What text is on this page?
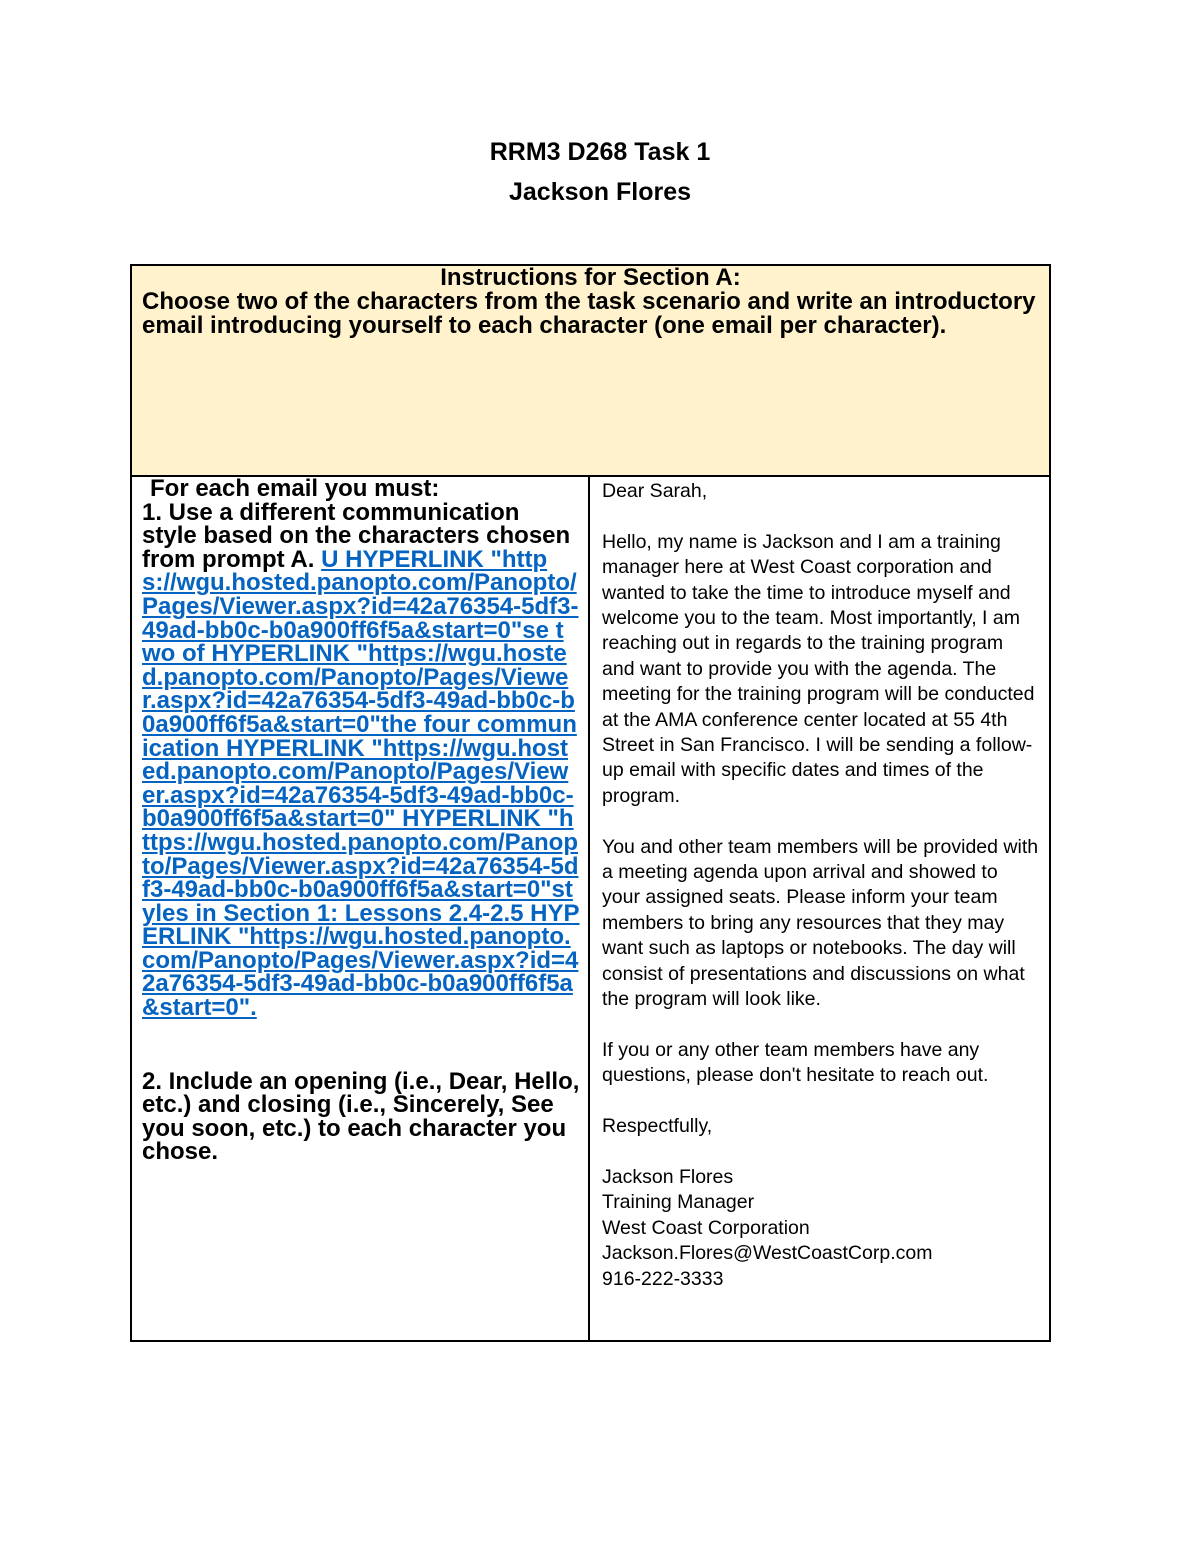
RRM3 D268 Task 1
Jackson Flores
Instructions for Section A:
Choose two of the characters from the task scenario and write an introductory email introducing yourself to each character (one email per character).
For each email you must:

1. Use a different communication style based on the characters chosen from prompt A. U HYPERLINK "https://wgu.hosted.panopto.com/Panopto/Pages/Viewer.aspx?id=42a76354-5df3-49ad-bb0c-b0a900ff6f5a&start=0"se two of HYPERLINK "https://wgu.hosted.panopto.com/Panopto/Pages/Viewer.aspx?id=42a76354-5df3-49ad-bb0c-b0a900ff6f5a&start=0"the four communication HYPERLINK "https://wgu.hosted.panopto.com/Panopto/Pages/Viewer.aspx?id=42a76354-5df3-49ad-bb0c-b0a900ff6f5a&start=0" HYPERLINK "https://wgu.hosted.panopto.com/Panopto/Pages/Viewer.aspx?id=42a76354-5df3-49ad-bb0c-b0a900ff6f5a&start=0"styles in Section 1: Lessons 2.4-2.5 HYPERLINK "https://wgu.hosted.panopto.com/Panopto/Pages/Viewer.aspx?id=42a76354-5df3-49ad-bb0c-b0a900ff6f5a&start=0".

2. Include an opening (i.e., Dear, Hello, etc.) and closing (i.e., Sincerely, See you soon, etc.) to each character you chose.

Dear Sarah,

Hello, my name is Jackson and I am a training manager here at West Coast corporation and wanted to take the time to introduce myself and welcome you to the team. Most importantly, I am reaching out in regards to the training program and want to provide you with the agenda. The meeting for the training program will be conducted at the AMA conference center located at 55 4th Street in San Francisco. I will be sending a follow-up email with specific dates and times of the program.

You and other team members will be provided with a meeting agenda upon arrival and showed to your assigned seats. Please inform your team members to bring any resources that they may want such as laptops or notebooks. The day will consist of presentations and discussions on what the program will look like.

If you or any other team members have any questions, please don't hesitate to reach out.

Respectfully,

Jackson Flores
Training Manager
West Coast Corporation
Jackson.Flores@WestCoastCorp.com
916-222-3333
